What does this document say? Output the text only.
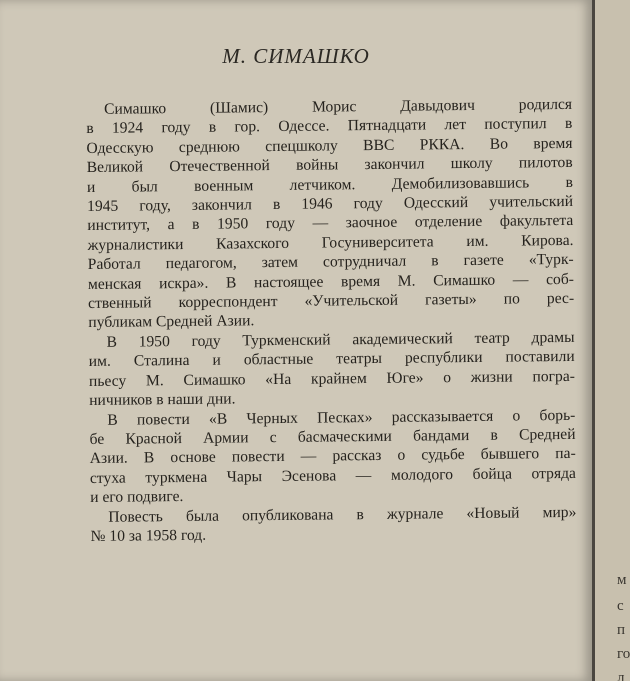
М. СИМАШКО
Симашко (Шамис) Морис Давыдович родился
в 1924 году в гор. Одессе. Пятнадцати лет поступил в
Одесскую среднюю спецшколу ВВС РККА. Во время
Великой Отечественной войны закончил школу пилотов
и был военным летчиком. Демобилизовавшись в
1945 году, закончил в 1946 году Одесский учительский
институт, а в 1950 году — заочное отделение факультета
журналистики Казахского Госуниверситета им. Кирова.
Работал педагогом, затем сотрудничал в газете «Турк-
менская искра». В настоящее время М. Симашко — соб-
ственный корреспондент «Учительской газеты» по рес-
публикам Средней Азии.
В 1950 году Туркменский академический театр драмы
им. Сталина и областные театры республики поставили
пьесу М. Симашко «На крайнем Юге» о жизни погра-
ничников в наши дни.
В повести «В Черных Песках» рассказывается о борь-
бе Красной Армии с басмаческими бандами в Средней
Азии. В основе повести — рассказ о судьбе бывшего па-
стуха туркмена Чары Эсенова — молодого бойца отряда
и его подвиге.
Повесть была опубликована в журнале «Новый мир»
№ 10 за 1958 год.
м
с
п
го
л
